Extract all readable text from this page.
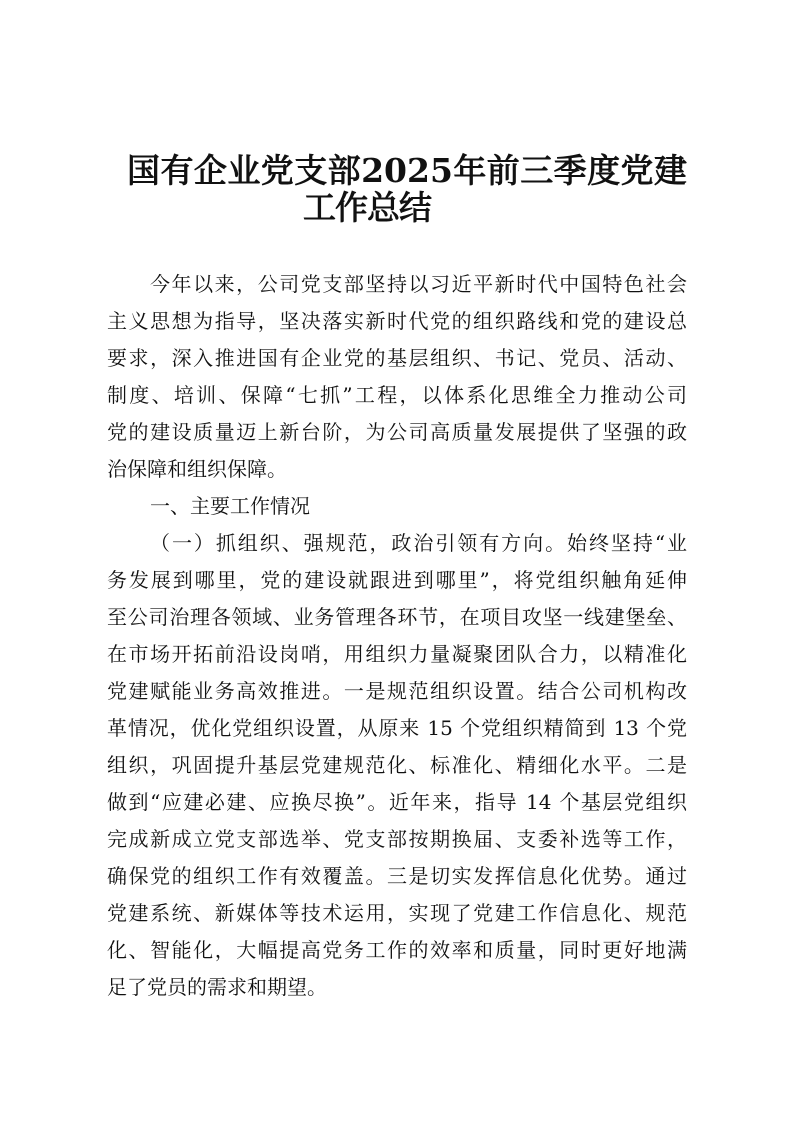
国有企业党支部2025年前三季度党建
工作总结
今年以来，公司党支部坚持以习近平新时代中国特色社会
主义思想为指导，坚决落实新时代党的组织路线和党的建设总
要求，深入推进国有企业党的基层组织、书记、党员、活动、
制度、培训、保障“七抓”工程，以体系化思维全力推动公司
党的建设质量迈上新台阶，为公司高质量发展提供了坚强的政
治保障和组织保障。
一、主要工作情况
（一）抓组织、强规范，政治引领有方向。始终坚持“业
务发展到哪里，党的建设就跟进到哪里”，将党组织触角延伸
至公司治理各领域、业务管理各环节，在项目攻坚一线建堡垒、
在市场开拓前沿设岗哨，用组织力量凝聚团队合力，以精准化
党建赋能业务高效推进。一是规范组织设置。结合公司机构改
革情况，优化党组织设置，从原来 15 个党组织精简到 13 个党
组织，巩固提升基层党建规范化、标准化、精细化水平。二是
做到“应建必建、应换尽换”。近年来，指导 14 个基层党组织
完成新成立党支部选举、党支部按期换届、支委补选等工作，
确保党的组织工作有效覆盖。三是切实发挥信息化优势。通过
党建系统、新媒体等技术运用，实现了党建工作信息化、规范
化、智能化，大幅提高党务工作的效率和质量，同时更好地满
足了党员的需求和期望。
